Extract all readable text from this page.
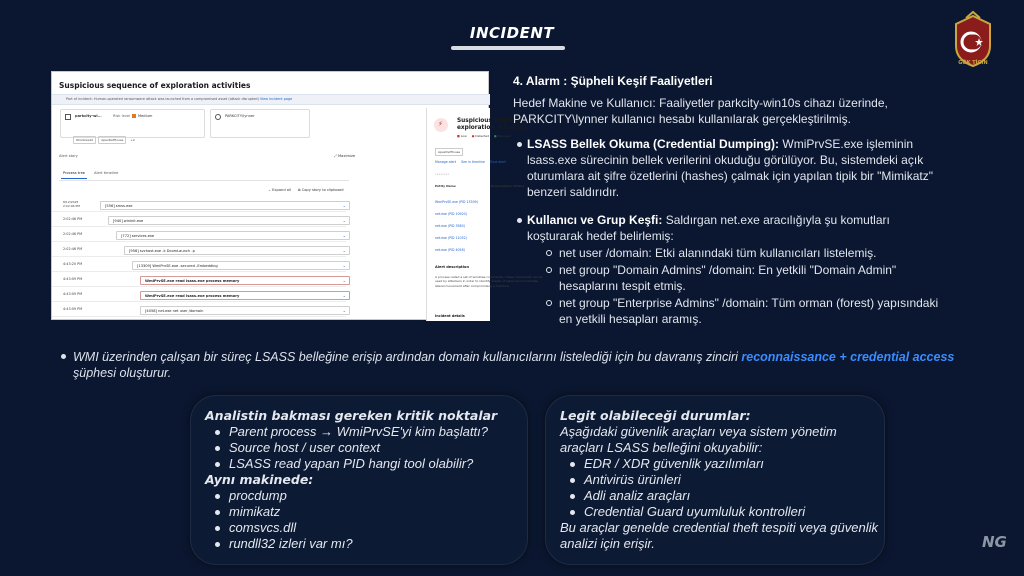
INCIDENT
GÖK TİGİN
Suspicious sequence of exploration activities
Part of incident: Human-operated ransomware attack was launched from a compromised asset (attack disrupted) View incident page
parkcity-wi...	Risk level Medium
Windows10	ApexDefHouse +2
PARKCITY\lynner
Alert story	⤢ Maximize
Process tree Alert timeline
⌄ Expand all ⧉ Copy story to clipboard
8/12/2025 2:02:06 PM	[556] smss.exe	⌄
2:02:46 PM	[940] wininit.exe	⌄
2:02:46 PM	[772] services.exe	⌄
2:02:46 PM	[956] svchost.exe -k DcomLaunch -p	⌄
4:43:20 PM	[13309] WmiPrvSE.exe -secured -Embedding	⌄
4:43:09 PM	WmiPrvSE.exe read lsass.exe process memory	⌄
4:43:09 PM	WmiPrvSE.exe read lsass.exe process memory	⌄
4:43:09 PM	[4058] net.exe net user /domain	⌄
⚡ Suspicious sequence of exploration activities
■ Low ● Detected ● Resolved
ApexDefHouse
Manage alert See in timeline Tune alert
••••••••
Entity Name	Remediation Status
WmiPrvSE.exe (PID 13309)
net.exe (PID 10920)
net.exe (PID 3580)
net.exe (PID 11052)
net.exe (PID 4058)
Alert description
A process called a set of windows commands. These commands can be used by attackers in order to identify assets of value and coordinate lateral movement after compromising a machine.
Incident details
4. Alarm : Şüpheli Keşif Faaliyetleri
Hedef Makine ve Kullanıcı: Faaliyetler parkcity-win10s cihazı üzerinde, PARKCITY\lynner kullanıcı hesabı kullanılarak gerçekleştirilmiş.
LSASS Bellek Okuma (Credential Dumping): WmiPrvSE.exe işleminin lsass.exe sürecinin bellek verilerini okuduğu görülüyor. Bu, sistemdeki açık oturumlara ait şifre özetlerini (hashes) çalmak için yapılan tipik bir "Mimikatz" benzeri saldırıdır.
Kullanıcı ve Grup Keşfi: Saldırgan net.exe aracılığıyla şu komutları koşturarak hedef belirlemiş:
net user /domain: Etki alanındaki tüm kullanıcıları listelemiş.
net group "Domain Admins" /domain: En yetkili "Domain Admin" hesaplarını tespit etmiş.
net group "Enterprise Admins" /domain: Tüm orman (forest) yapısındaki en yetkili hesapları aramış.
WMI üzerinden çalışan bir süreç LSASS belleğine erişip ardından domain kullanıcılarını listelediği için bu davranış zinciri reconnaissance + credential access şüphesi oluşturur.
Analistin bakması gereken kritik noktalar
Parent process → WmiPrvSE'yi kim başlattı?
Source host / user context
LSASS read yapan PID hangi tool olabilir?
Aynı makinede:
procdump
mimikatz
comsvcs.dll
rundll32 izleri var mı?
Legit olabileceği durumlar:
Aşağıdaki güvenlik araçları veya sistem yönetim araçları LSASS belleğini okuyabilir:
EDR / XDR güvenlik yazılımları
Antivirüs ürünleri
Adli analiz araçları
Credential Guard uyumluluk kontrolleri
Bu araçlar genelde credential theft tespiti veya güvenlik analizi için erişir.	NG
